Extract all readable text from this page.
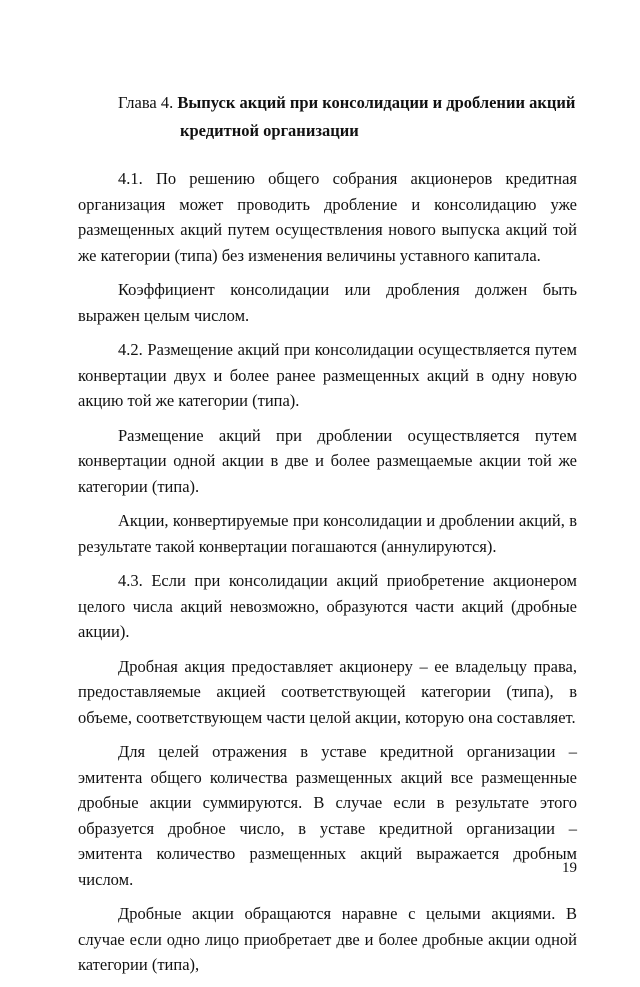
Глава 4. Выпуск акций при консолидации и дроблении акций
кредитной организации

4.1. По решению общего собрания акционеров кредитная организация может проводить дробление и консолидацию уже размещенных акций путем осуществления нового выпуска акций той же категории (типа) без изменения величины уставного капитала.

Коэффициент консолидации или дробления должен быть выражен целым числом.

4.2. Размещение акций при консолидации осуществляется путем конвертации двух и более ранее размещенных акций в одну новую акцию той же категории (типа).

Размещение акций при дроблении осуществляется путем конвертации одной акции в две и более размещаемые акции той же категории (типа).

Акции, конвертируемые при консолидации и дроблении акций, в результате такой конвертации погашаются (аннулируются).

4.3. Если при консолидации акций приобретение акционером целого числа акций невозможно, образуются части акций (дробные акции).

Дробная акция предоставляет акционеру – ее владельцу права, предоставляемые акцией соответствующей категории (типа), в объеме, соответствующем части целой акции, которую она составляет.

Для целей отражения в уставе кредитной организации – эмитента общего количества размещенных акций все размещенные дробные акции суммируются. В случае если в результате этого образуется дробное число, в уставе кредитной организации – эмитента количество размещенных акций выражается дробным числом.

Дробные акции обращаются наравне с целыми акциями. В случае если одно лицо приобретает две и более дробные акции одной категории (типа),

19
